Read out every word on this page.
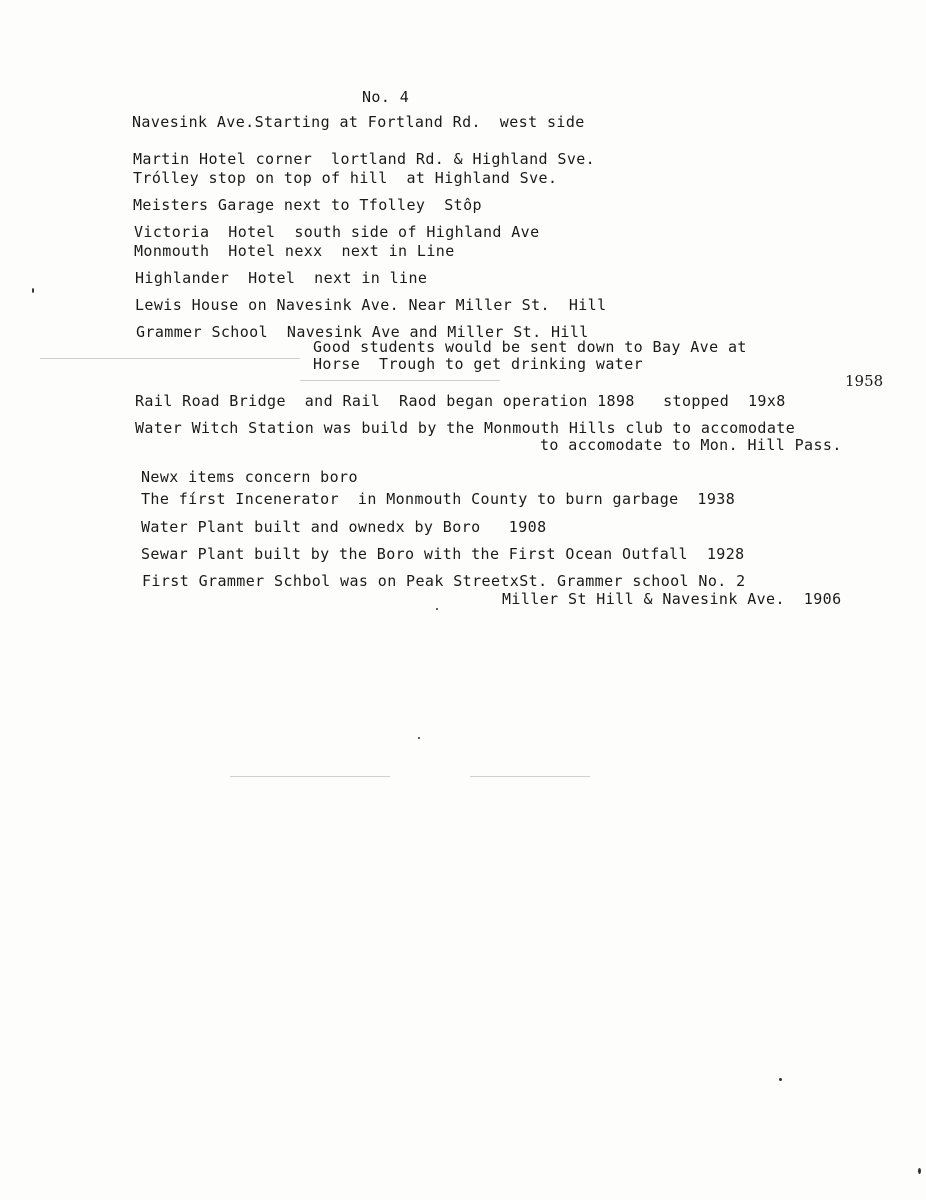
No. 4
Navesink Ave.Starting at Fortland Rd.  west side
Martin Hotel corner  lortland Rd. & Highland Sve.
Trólley stop on top of hill  at Highland Sve.
Meisters Garage next to Tfolley  Stôp
Victoria  Hotel  south side of Highland Ave
Monmouth  Hotel nexx  next in Line
Highlander  Hotel  next in line
Lewis House on Navesink Ave. Near Miller St.  Hill
Grammer School  Navesink Ave and Miller St. Hill
Good students would be sent down to Bay Ave at
Horse  Trough to get drinking water
1958
Rail Road Bridge  and Rail  Raod began operation 1898   stopped  19x8
Water Witch Station was build by the Monmouth Hills club to accomodate
to accomodate to Mon. Hill Pass.
Newx items concern boro
The fírst Incenerator  in Monmouth County to burn garbage  1938
Water Plant built and ownedx by Boro   1908
Sewar Plant built by the Boro with the First Ocean Outfall  1928
First Grammer Schbol was on Peak StreetxSt. Grammer school No. 2
Miller St Hill & Navesink Ave.  1906
